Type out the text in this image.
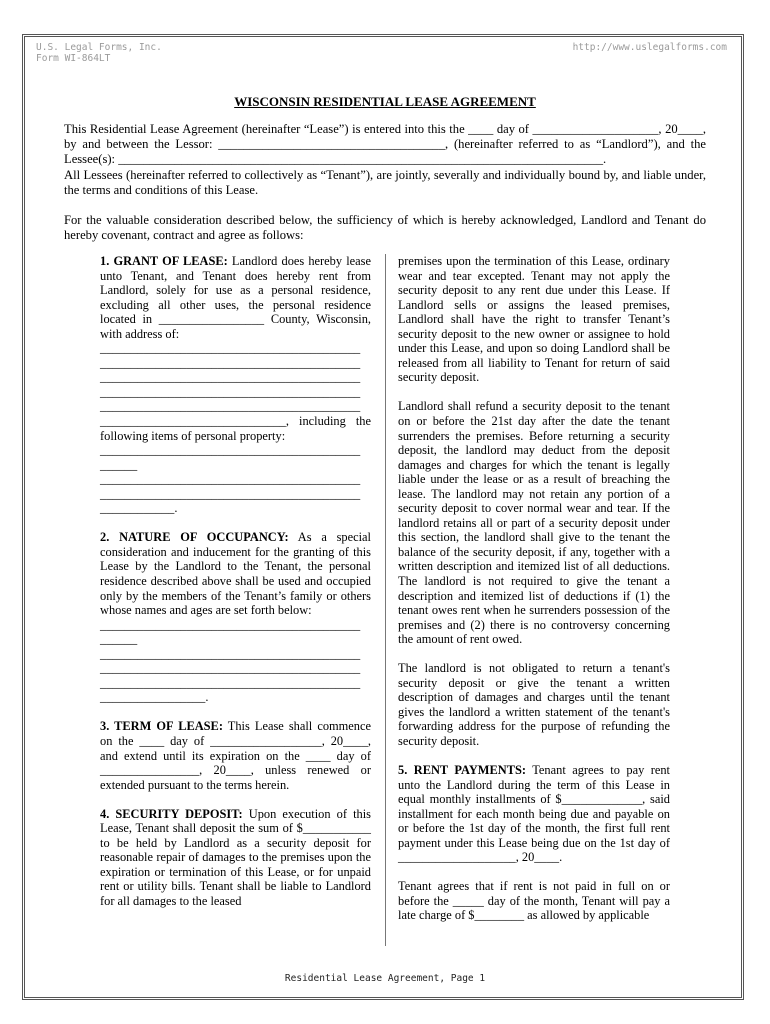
U.S. Legal Forms, Inc.
Form WI-864LT
http://www.uslegalforms.com
WISCONSIN RESIDENTIAL LEASE AGREEMENT

This Residential Lease Agreement (hereinafter “Lease”) is entered into this the ____ day of ____________________, 20____, by and between the Lessor: ____________________________________, (hereinafter referred to as “Landlord”), and the Lessee(s): _____________________________________________________________________________.

All Lessees (hereinafter referred to collectively as “Tenant”), are jointly, severally and individually bound by, and liable under, the terms and conditions of this Lease.

For the valuable consideration described below, the sufficiency of which is hereby acknowledged, Landlord and Tenant do hereby covenant, contract and agree as follows:

1. GRANT OF LEASE: Landlord does hereby lease unto Tenant, and Tenant does hereby rent from Landlord, solely for use as a personal residence, excluding all other uses, the personal residence located in _________________ County, Wisconsin, with address of:

__________________________________________

__________________________________________

__________________________________________

__________________________________________

__________________________________________

______________________________, including the following items of personal property:

__________________________________________

______

__________________________________________

__________________________________________

____________.

2. NATURE OF OCCUPANCY: As a special consideration and inducement for the granting of this Lease by the Landlord to the Tenant, the personal residence described above shall be used and occupied only by the members of the Tenant’s family or others whose names and ages are set forth below:

__________________________________________

______

__________________________________________

__________________________________________

__________________________________________

_________________.

3. TERM OF LEASE: This Lease shall commence on the ____ day of __________________, 20____, and extend until its expiration on the ____ day of ________________, 20____, unless renewed or extended pursuant to the terms herein.

4. SECURITY DEPOSIT: Upon execution of this Lease, Tenant shall deposit the sum of $___________ to be held by Landlord as a security deposit for reasonable repair of damages to the premises upon the expiration or termination of this Lease, or for unpaid rent or utility bills. Tenant shall be liable to Landlord for all damages to the leased

premises upon the termination of this Lease, ordinary wear and tear excepted. Tenant may not apply the security deposit to any rent due under this Lease. If Landlord sells or assigns the leased premises, Landlord shall have the right to transfer Tenant’s security deposit to the new owner or assignee to hold under this Lease, and upon so doing Landlord shall be released from all liability to Tenant for return of said security deposit.

Landlord shall refund a security deposit to the tenant on or before the 21st day after the date the tenant surrenders the premises. Before returning a security deposit, the landlord may deduct from the deposit damages and charges for which the tenant is legally liable under the lease or as a result of breaching the lease. The landlord may not retain any portion of a security deposit to cover normal wear and tear. If the landlord retains all or part of a security deposit under this section, the landlord shall give to the tenant the balance of the security deposit, if any, together with a written description and itemized list of all deductions. The landlord is not required to give the tenant a description and itemized list of deductions if (1) the tenant owes rent when he surrenders possession of the premises and (2) there is no controversy concerning the amount of rent owed.

The landlord is not obligated to return a tenant's security deposit or give the tenant a written description of damages and charges until the tenant gives the landlord a written statement of the tenant's forwarding address for the purpose of refunding the security deposit.

5. RENT PAYMENTS: Tenant agrees to pay rent unto the Landlord during the term of this Lease in equal monthly installments of $_____________, said installment for each month being due and payable on or before the 1st day of the month, the first full rent payment under this Lease being due on the 1st day of ___________________, 20____.

Tenant agrees that if rent is not paid in full on or before the _____ day of the month, Tenant will pay a late charge of $________ as allowed by applicable

Residential Lease Agreement, Page 1
